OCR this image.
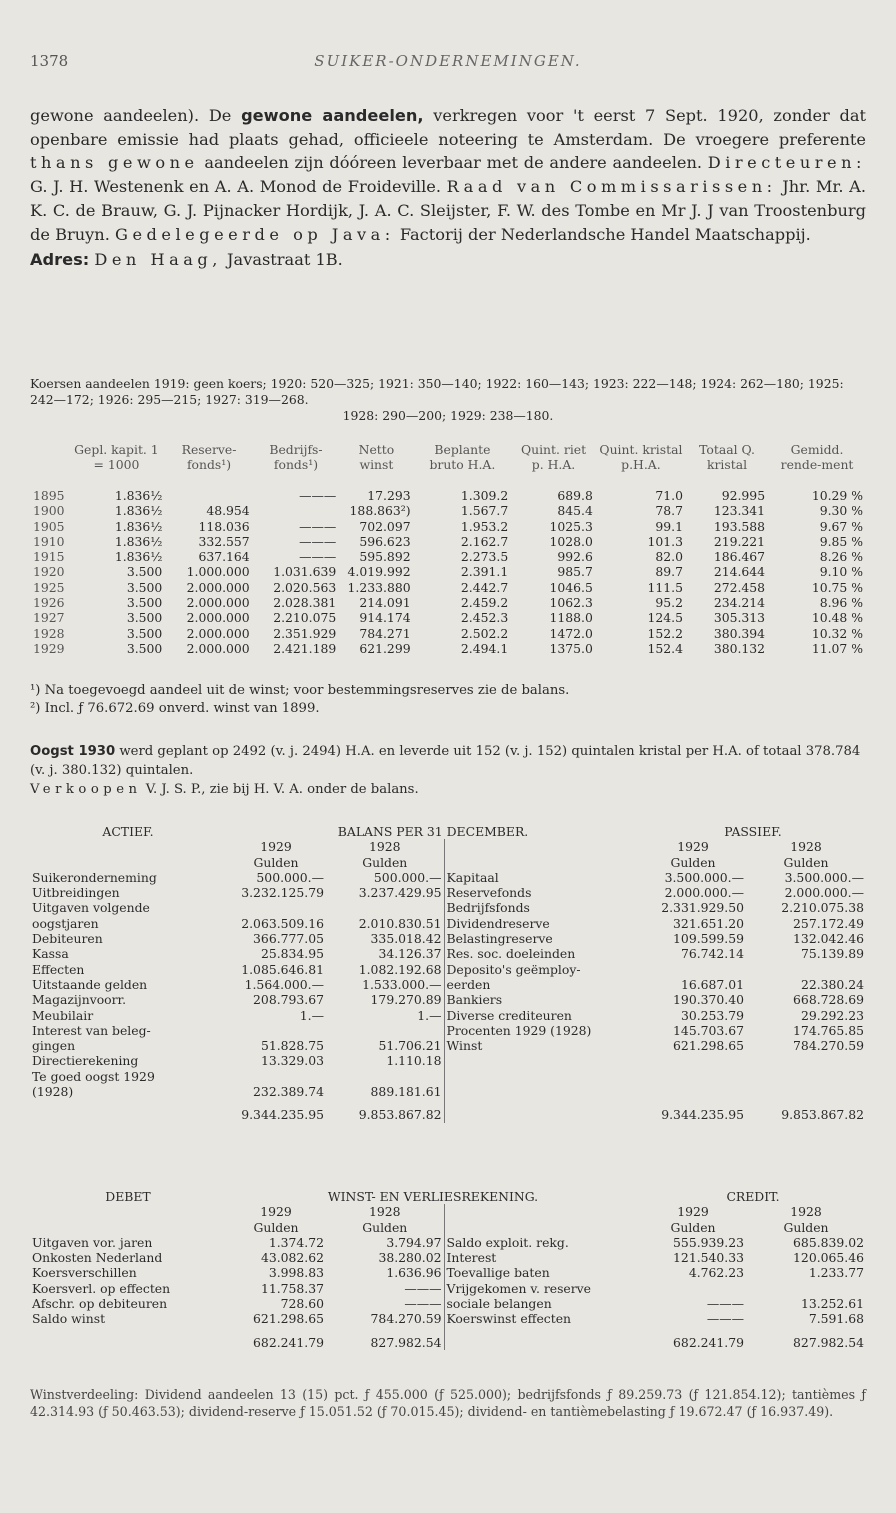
1378	SUIKER-ONDERNEMINGEN.

gewone aandeelen). De gewone aandeelen, verkregen voor 't eerst 7 Sept. 1920, zonder dat openbare emissie had plaats gehad, officieele noteering te Amsterdam. De vroegere preferente thans gewone aandeelen zijn dóóreen leverbaar met de andere aandeelen. Directeuren: G. J. H. Westenenk en A. A. Monod de Froideville. Raad van Commissarissen: Jhr. Mr. A. K. C. de Brauw, G. J. Pijnacker Hordijk, J. A. C. Sleijster, F. W. des Tombe en Mr J. J van Troostenburg de Bruyn. Gedelegeerde op Java: Factorij der Nederlandsche Handel Maatschappij.

Adres: Den Haag, Javastraat 1B.

Koersen aandeelen 1919: geen koers; 1920: 520—325; 1921: 350—140; 1922: 160—143; 1923: 222—148; 1924: 262—180; 1925: 242—172; 1926: 295—215; 1927: 319—268.

1928: 290—200; 1929: 238—180.

	Gepl. kapit. 1 = 1000	Reserve-fonds¹)	Bedrijfs-fonds¹)	Netto winst	Beplante bruto H.A.	Quint. riet p. H.A.	Quint. kristal p.H.A.	Totaal Q. kristal	Gemidd. rende-ment
1895	1.836½		———	17.293	1.309.2	689.8	71.0	92.995	10.29 %
1900	1.836½	48.954		188.863²)	1.567.7	845.4	78.7	123.341	9.30 %
1905	1.836½	118.036	———	702.097	1.953.2	1025.3	99.1	193.588	9.67 %
1910	1.836½	332.557	———	596.623	2.162.7	1028.0	101.3	219.221	9.85 %
1915	1.836½	637.164	———	595.892	2.273.5	992.6	82.0	186.467	8.26 %
1920	3.500	1.000.000	1.031.639	4.019.992	2.391.1	985.7	89.7	214.644	9.10 %
1925	3.500	2.000.000	2.020.563	1.233.880	2.442.7	1046.5	111.5	272.458	10.75 %
1926	3.500	2.000.000	2.028.381	214.091	2.459.2	1062.3	95.2	234.214	8.96 %
1927	3.500	2.000.000	2.210.075	914.174	2.452.3	1188.0	124.5	305.313	10.48 %
1928	3.500	2.000.000	2.351.929	784.271	2.502.2	1472.0	152.2	380.394	10.32 %
1929	3.500	2.000.000	2.421.189	621.299	2.494.1	1375.0	152.4	380.132	11.07 %

¹) Na toegevoegd aandeel uit de winst; voor bestemmingsreserves zie de balans.

²) Incl. ƒ 76.672.69 onverd. winst van 1899.

Oogst 1930 werd geplant op 2492 (v. j. 2494) H.A. en leverde uit 152 (v. j. 152) quintalen kristal per H.A. of totaal 378.784 (v. j. 380.132) quintalen.

Verkoopen V. J. S. P., zie bij H. V. A. onder de balans.

ACTIEF.	BALANS PER 31 DECEMBER.			PASSIEF.	
	1929	1928		1929	1928
	Gulden	Gulden		Gulden	Gulden
Suikeronderneming	500.000.—	500.000.—	Kapitaal	3.500.000.—	3.500.000.—
Uitbreidingen	3.232.125.79	3.237.429.95	Reservefonds	2.000.000.—	2.000.000.—
Uitgaven volgende			Bedrijfsfonds	2.331.929.50	2.210.075.38
oogstjaren	2.063.509.16	2.010.830.51	Dividendreserve	321.651.20	257.172.49
Debiteuren	366.777.05	335.018.42	Belastingreserve	109.599.59	132.042.46
Kassa	25.834.95	34.126.37	Res. soc. doeleinden	76.742.14	75.139.89
Effecten	1.085.646.81	1.082.192.68	Deposito's geëmploy-		
Uitstaande gelden	1.564.000.—	1.533.000.—	eerden	16.687.01	22.380.24
Magazijnvoorr.	208.793.67	179.270.89	Bankiers	190.370.40	668.728.69
Meubilair	1.—	1.—	Diverse crediteuren	30.253.79	29.292.23
Interest van beleg-			Procenten 1929 (1928)	145.703.67	174.765.85
gingen	51.828.75	51.706.21	Winst	621.298.65	784.270.59
Directierekening	13.329.03	1.110.18			
Te goed oogst 1929					
(1928)	232.389.74	889.181.61			
	9.344.235.95	9.853.867.82		9.344.235.95	9.853.867.82
DEBET	WINST- EN VERLIESREKENING.			CREDIT.	
	1929	1928		1929	1928
	Gulden	Gulden		Gulden	Gulden
Uitgaven vor. jaren	1.374.72	3.794.97	Saldo exploit. rekg.	555.939.23	685.839.02
Onkosten Nederland	43.082.62	38.280.02	Interest	121.540.33	120.065.46
Koersverschillen	3.998.83	1.636.96	Toevallige baten	4.762.23	1.233.77
Koersverl. op effecten	11.758.37	———	Vrijgekomen v. reserve		
Afschr. op debiteuren	728.60	———	sociale belangen	———	13.252.61
Saldo winst	621.298.65	784.270.59	Koerswinst effecten	———	7.591.68
	682.241.79	827.982.54		682.241.79	827.982.54

Winstverdeeling: Dividend aandeelen 13 (15) pct. ƒ 455.000 (ƒ 525.000); bedrijfsfonds ƒ 89.259.73 (ƒ 121.854.12); tantièmes ƒ 42.314.93 (ƒ 50.463.53); dividend-reserve ƒ 15.051.52 (ƒ 70.015.45); dividend- en tantièmebelasting ƒ 19.672.47 (ƒ 16.937.49).
